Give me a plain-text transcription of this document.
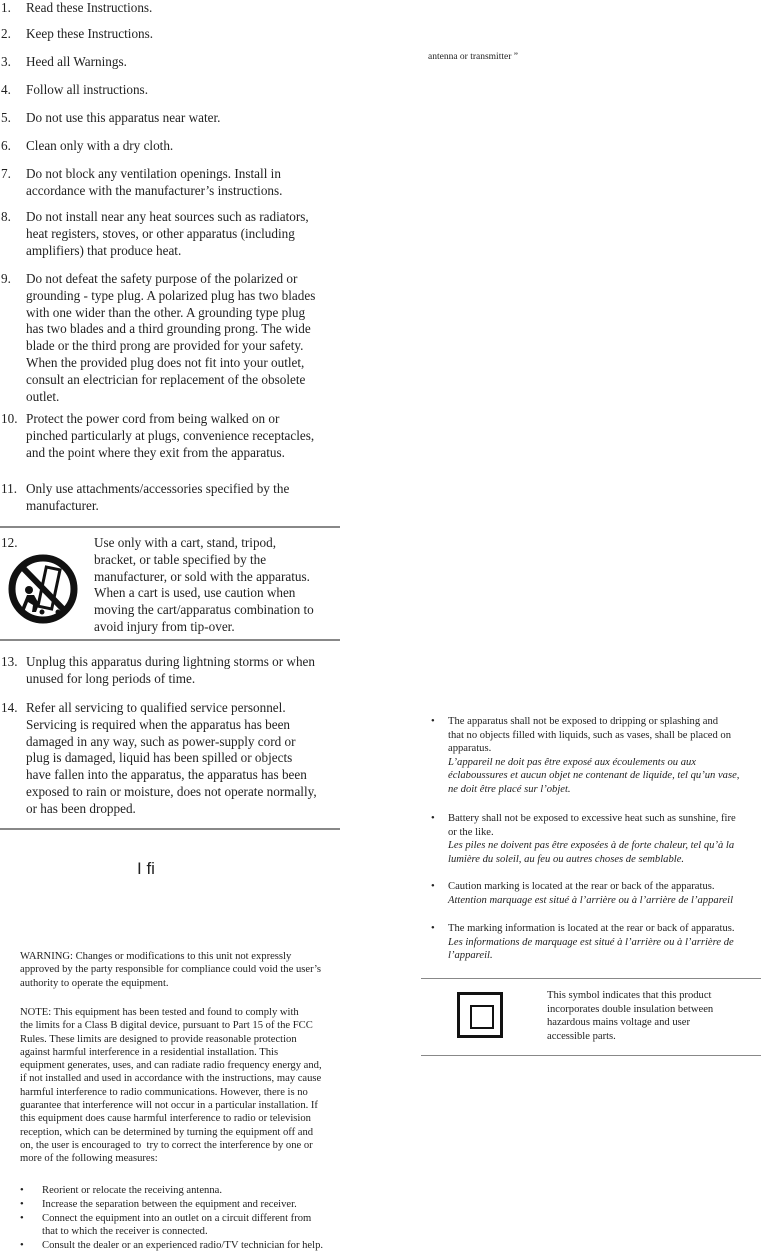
1. Read these Instructions.
2. Keep these Instructions.
3. Heed all Warnings.
4. Follow all instructions.
5. Do not use this apparatus near water.
6. Clean only with a dry cloth.
7. Do not block any ventilation openings. Install in
accordance with the manufacturer’s instructions.
8. Do not install near any heat sources such as radiators,
heat registers, stoves, or other apparatus (including
amplifiers) that produce heat.
9. Do not defeat the safety purpose of the polarized or
grounding - type plug. A polarized plug has two blades
with one wider than the other. A grounding type plug
has two blades and a third grounding prong. The wide
blade or the third prong are provided for your safety.
When the provided plug does not fit into your outlet,
consult an electrician for replacement of the obsolete
outlet.
10. Protect the power cord from being walked on or
pinched particularly at plugs, convenience receptacles,
and the point where they exit from the apparatus.
11. Only use attachments/accessories specified by the
manufacturer.
12.	Use only with a cart, stand, tripod,
bracket, or table specified by the
manufacturer, or sold with the apparatus.
When a cart is used, use caution when
moving the cart/apparatus combination to
avoid injury from tip-over.
13. Unplug this apparatus during lightning storms or when
unused for long periods of time.
14. Refer all servicing to qualified service personnel.
Servicing is required when the apparatus has been
damaged in any way, such as power-supply cord or
plug is damaged, liquid has been spilled or objects
have fallen into the apparatus, the apparatus has been
exposed to rain or moisture, does not operate normally,
or has been dropped.
I fi
WARNING: Changes or modifications to this unit not expressly
approved by the party responsible for compliance could void the user’s
authority to operate the equipment.
NOTE: This equipment has been tested and found to comply with
the limits for a Class B digital device, pursuant to Part 15 of the FCC
Rules. These limits are designed to provide reasonable protection
against harmful interference in a residential installation. This
equipment generates, uses, and can radiate radio frequency energy and,
if not installed and used in accordance with the instructions, may cause
harmful interference to radio communications. However, there is no
guarantee that interference will not occur in a particular installation. If
this equipment does cause harmful interference to radio or television
reception, which can be determined by turning the equipment off and
on, the user is encouraged to  try to correct the interference by one or
more of the following measures:
• Reorient or relocate the receiving antenna.
• Increase the separation between the equipment and receiver.
• Connect the equipment into an outlet on a circuit different from
that to which the receiver is connected.
• Consult the dealer or an experienced radio/TV technician for help.
antenna or transmitter ”
• The apparatus shall not be exposed to dripping or splashing and
that no objects filled with liquids, such as vases, shall be placed on
apparatus.
L’appareil ne doit pas être exposé aux écoulements ou aux
éclaboussures et aucun objet ne contenant de liquide, tel qu’un vase,
ne doit être placé sur l’objet.
• Battery shall not be exposed to excessive heat such as sunshine, fire
or the like.
Les piles ne doivent pas être exposées à de forte chaleur, tel qu’à la
lumière du soleil, au feu ou autres choses de semblable.
• Caution marking is located at the rear or back of the apparatus.
Attention marquage est situé à l’arrière ou à l’arrière de l’appareil
• The marking information is located at the rear or back of apparatus.
Les informations de marquage est situé à l’arrière ou à l’arrière de
l’appareil.
This symbol indicates that this product
incorporates double insulation between
hazardous mains voltage and user
accessible parts.
